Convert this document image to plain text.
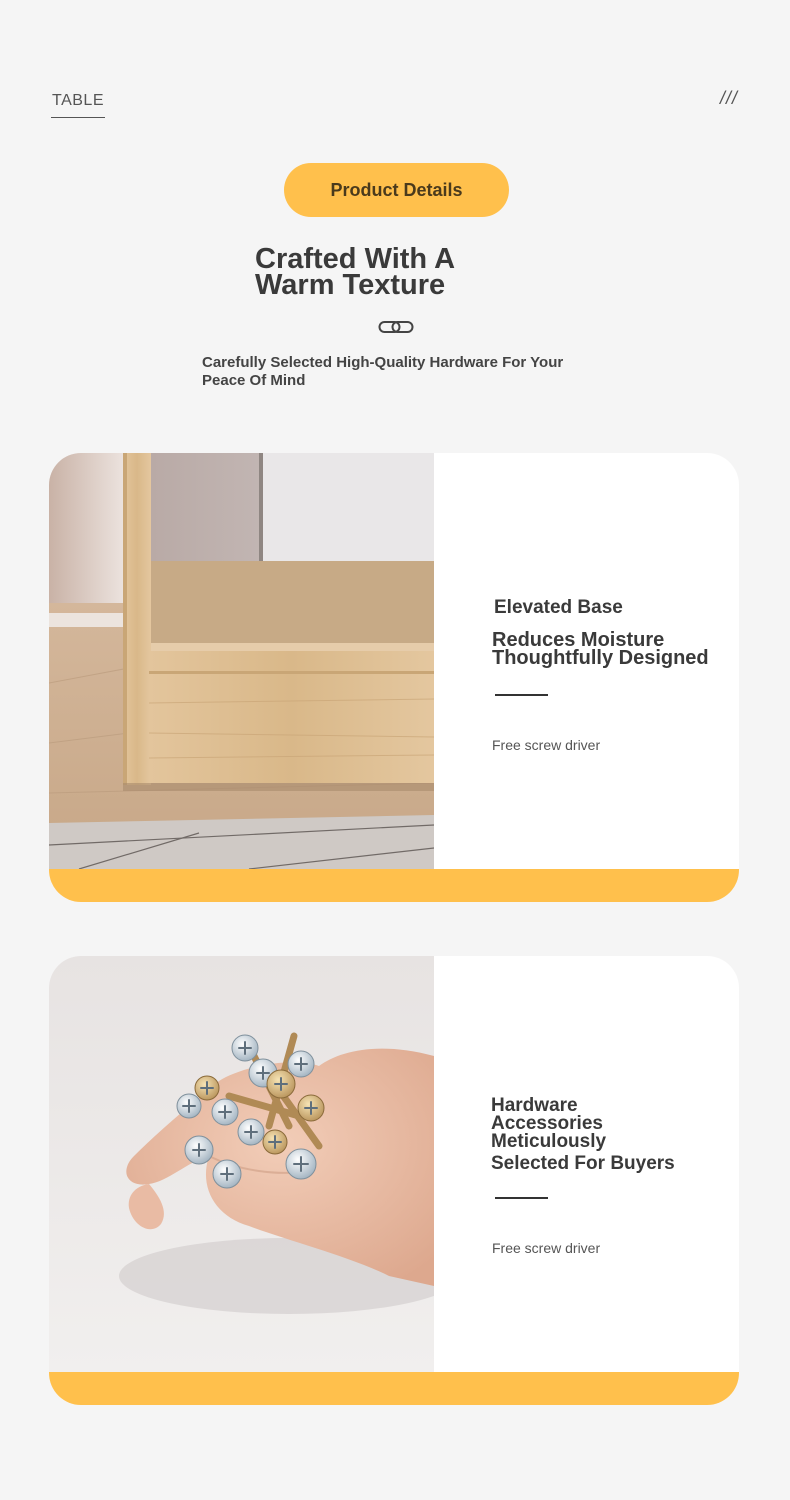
TABLE	///
Product Details
Crafted With A
Warm Texture
Carefully Selected High-Quality Hardware For Your
Peace Of Mind
Elevated Base
Reduces Moisture
Thoughtfully Designed
Free screw driver
Hardware
Accessories
Meticulously
Selected For Buyers
Free screw driver
